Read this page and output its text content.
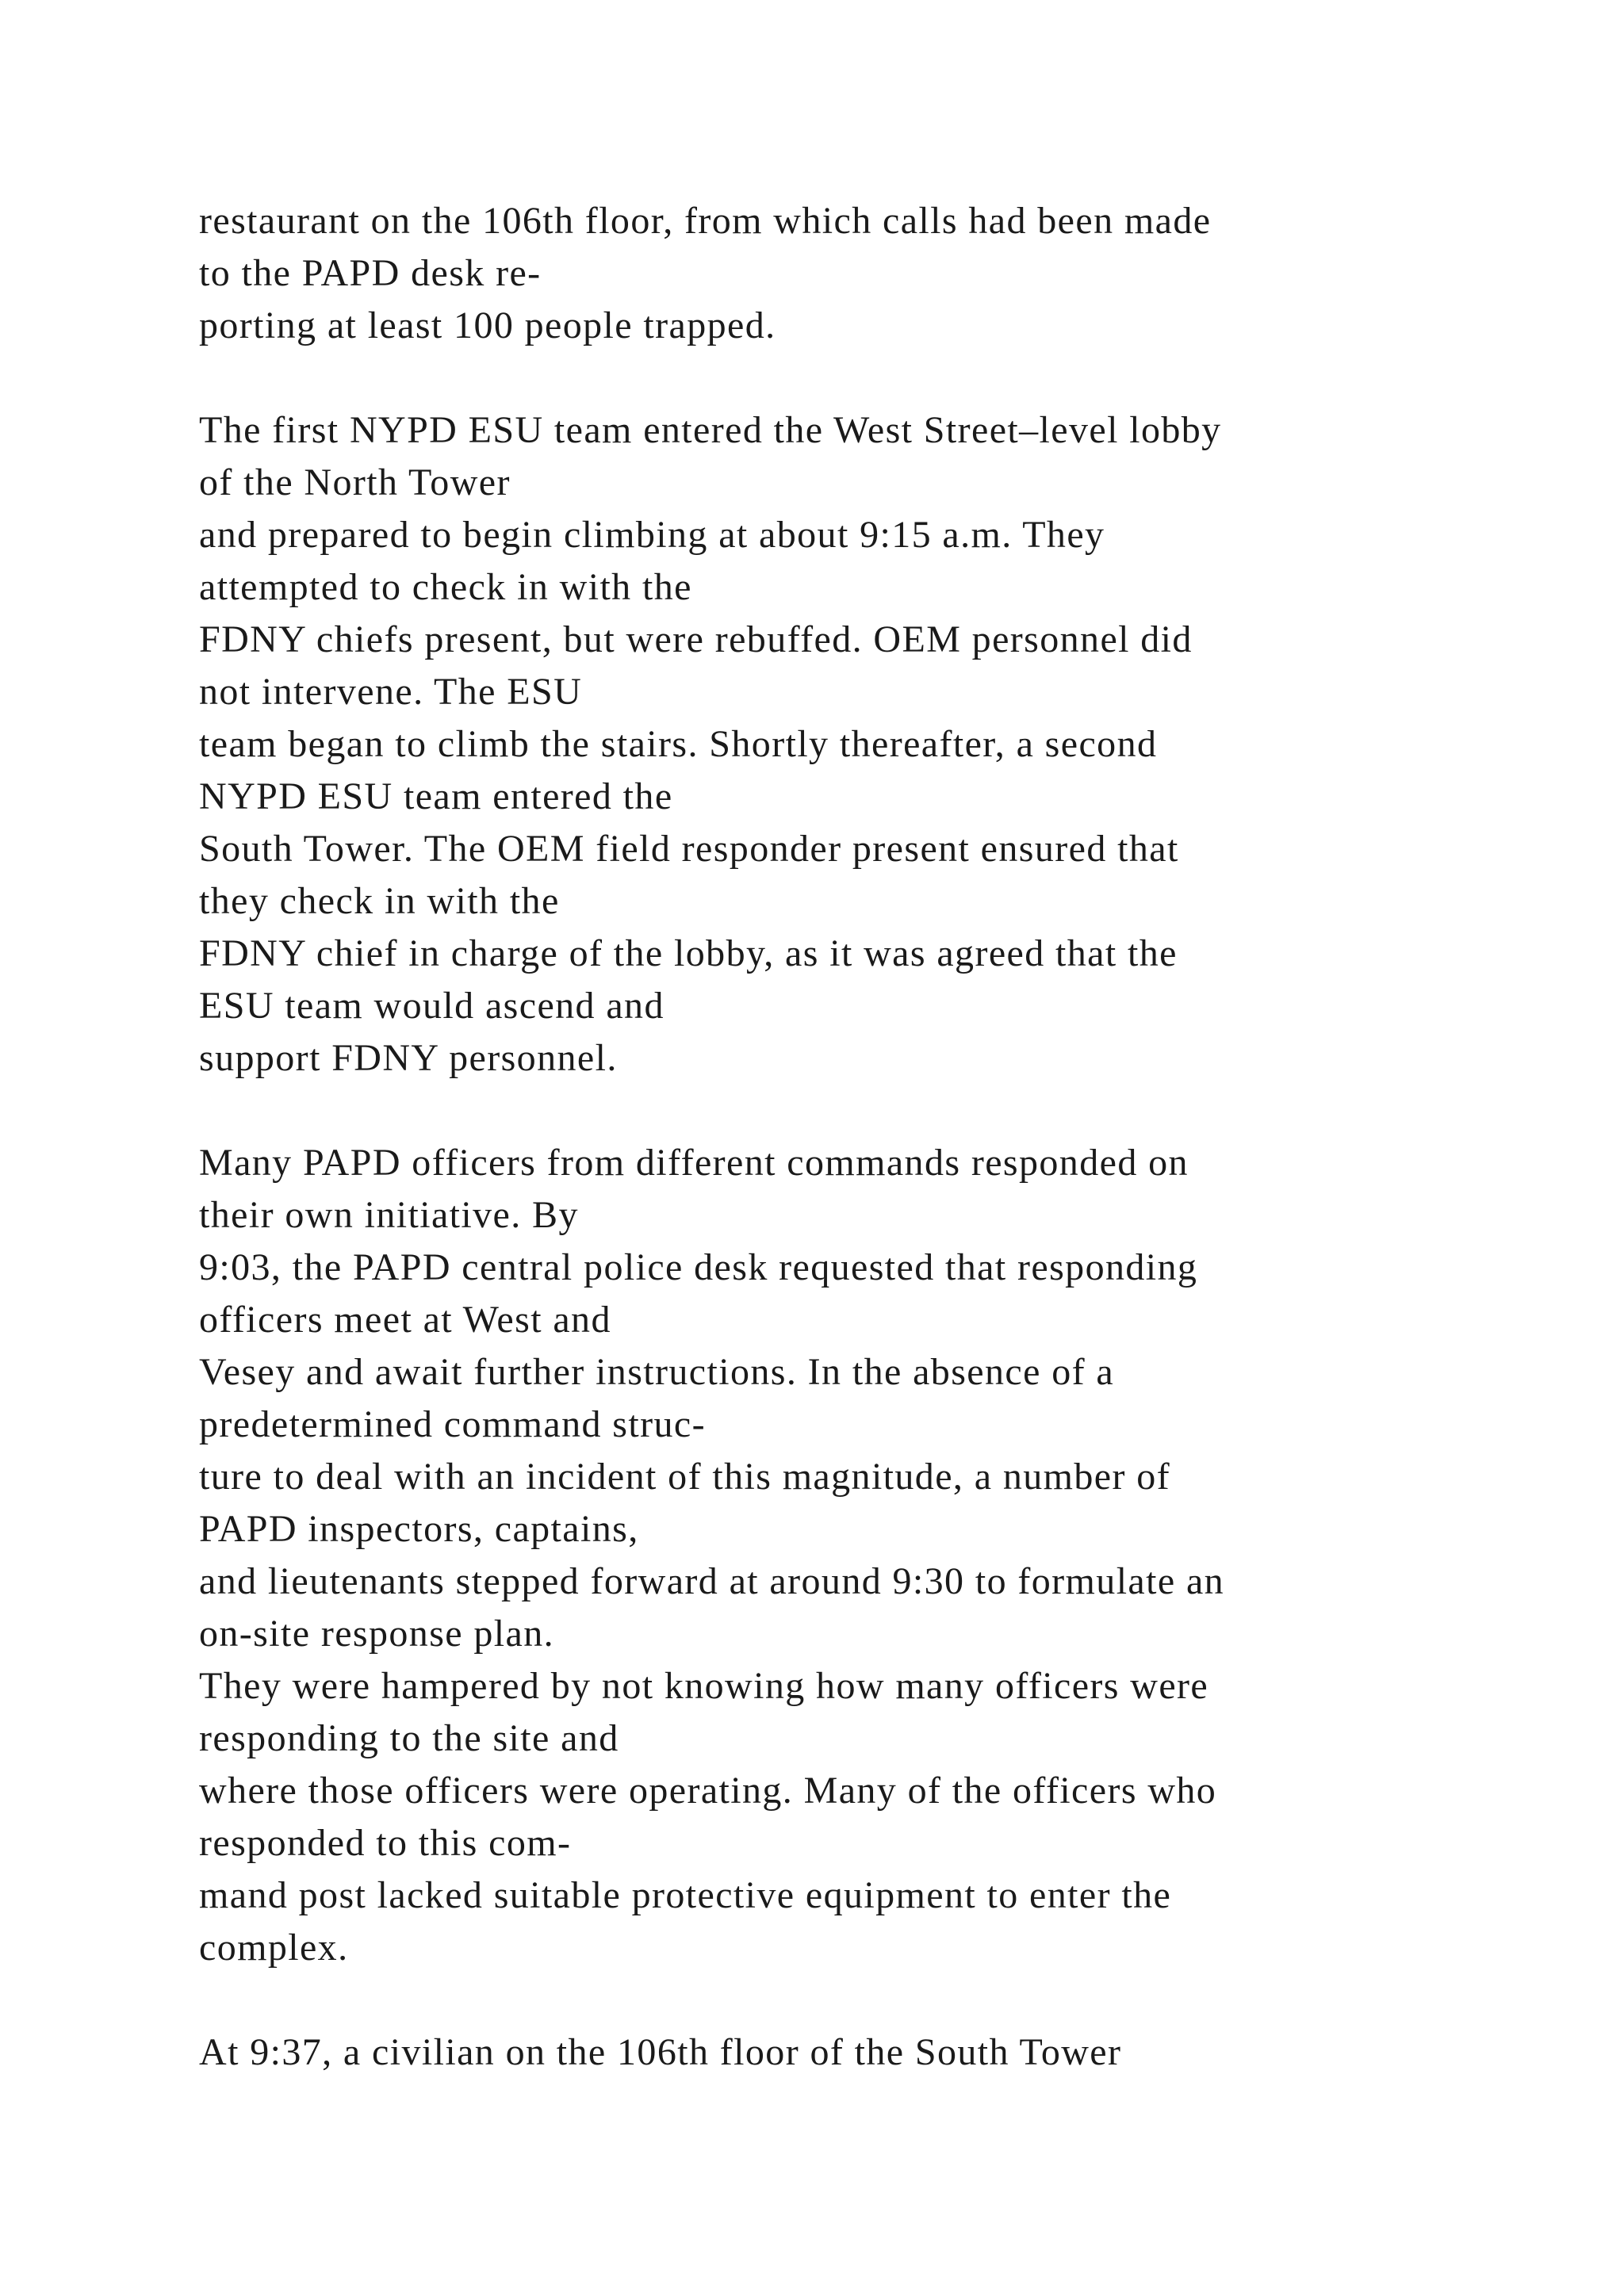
restaurant on the 106th floor, from which calls had been made
to the PAPD desk re-
porting at least 100 people trapped.
The first NYPD ESU team entered the West Street–level lobby
of the North Tower
and prepared to begin climbing at about 9:15 a.m. They
attempted to check in with the
FDNY chiefs present, but were rebuffed. OEM personnel did
not intervene. The ESU
team began to climb the stairs. Shortly thereafter, a second
NYPD ESU team entered the
South Tower. The OEM field responder present ensured that
they check in with the
FDNY chief in charge of the lobby, as it was agreed that the
ESU team would ascend and
support FDNY personnel.
Many PAPD officers from different commands responded on
their own initiative. By
9:03, the PAPD central police desk requested that responding
officers meet at West and
Vesey and await further instructions. In the absence of a
predetermined command struc-
ture to deal with an incident of this magnitude, a number of
PAPD inspectors, captains,
and lieutenants stepped forward at around 9:30 to formulate an
on-site response plan.
They were hampered by not knowing how many officers were
responding to the site and
where those officers were operating. Many of the officers who
responded to this com-
mand post lacked suitable protective equipment to enter the
complex.
At 9:37, a civilian on the 106th floor of the South Tower
